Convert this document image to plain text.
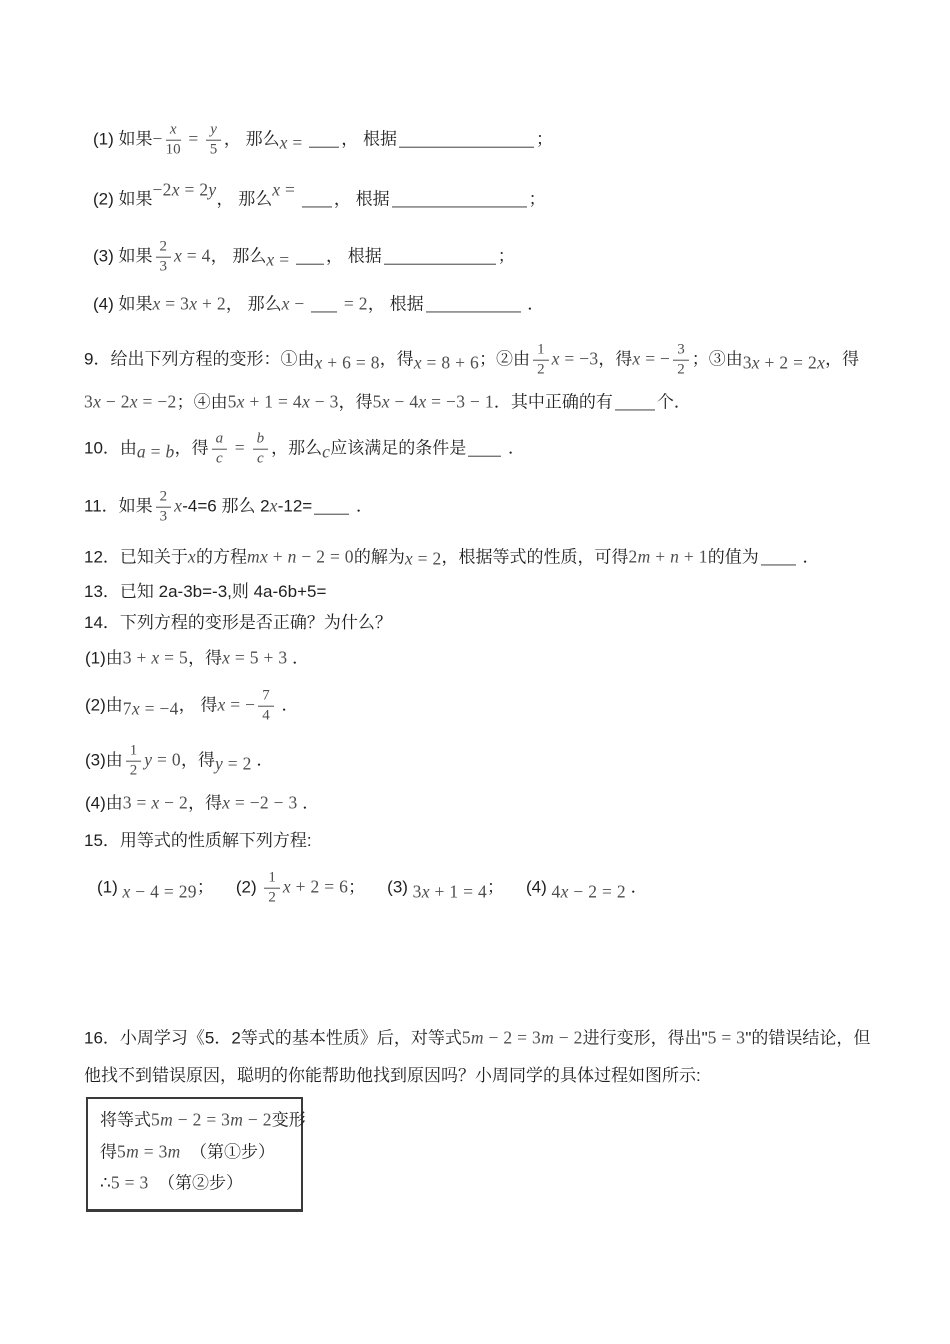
(1) 如果− $\frac{x}{10} = \frac{y}{5}$ ， 那么x = ， 根据	；
(2) 如果−2x = 2y， 那么x = ， 根据	；
(3) 如果 $\frac{2}{3}$ x = 4， 那么x = ， 根据	；
(4) 如果x = 3x + 2， 那么x − = 2， 根据	．
9．给出下列方程的变形：①由x + 6 = 8，得x = 8 + 6；②由 $\frac{1}{2}$ x = −3，得x = − $\frac{3}{2}$ ；③由3x + 2 = 2x，得
3x − 2x = −2；④由5x + 1 = 4x − 3，得5x − 4x = −3 − 1．其中正确的有	个．
10．由a = b，得 $\frac{a}{c} = \frac{b}{c}$ ，那么c应该满足的条件是 ．
11．如果 $\frac{2}{3} x-4=6$ 那么 2x-12= ．
12．已知关于x的方程mx + n − 2 = 0的解为x = 2，根据等式的性质，可得2m + n + 1的值为 ．
13．已知 2a-3b=-3,则 4a-6b+5=
14．下列方程的变形是否正确？为什么？
(1)由3 + x = 5，得x = 5 + 3 ．
(2)由7x = −4， 得x = − $\frac{7}{4}$ ．
(3)由 $\frac{1}{2}$ y = 0，得y = 2 ．
(4)由3 = x − 2，得x = −2 − 3 ．
15．用等式的性质解下列方程:
(1) x − 4 = 29； $(2) \frac{1}{2}$ x + 2 = 6； (3) 3x + 1 = 4； (4) 4x − 2 = 2 ．
16．小周学习《5．2等式的基本性质》后，对等式5m − 2 = 3m − 2进行变形，得出"5 = 3"的错误结论，但
他找不到错误原因，聪明的你能帮助他找到原因吗？小周同学的具体过程如图所示:
将等式5m − 2 = 3m − 2变形
得5m = 3m  （第①步）
∴5 = 3  （第②步）
